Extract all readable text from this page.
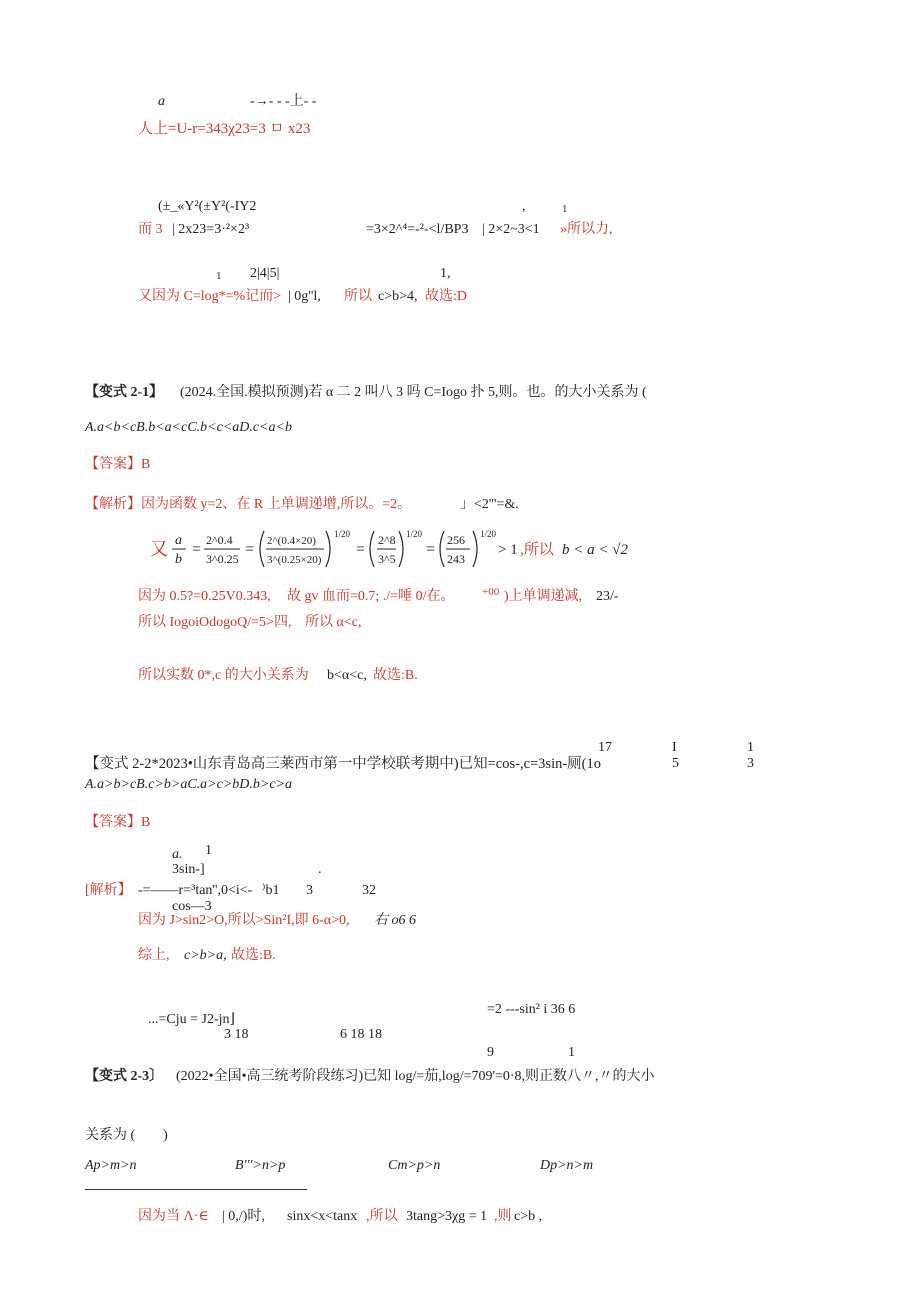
a	-→- - -上- -
人上=U-r=343χ23=3 ㅁ x23
(±_«Y²(±Y²(-IY2	,	1
而 3 | 2x23=3·²×2³	=3×2^⁴=-²-<l/BP3 | 2×2~3<1 »所以力,
1 2|4|5|	1,
又因为 C=log*=%记而> | 0g''l, 所以 c>b>4, 故选:D
【变式 2-1】 (2024.全国.模拟预测)若 α 二 2 叫八 3 吗 C=Iogo 扑 5,则。也。的大小关系为 (
A.a<b<cB.b<a<cC.b<c<aD.c<a<b
【答案】B
【解析】因为函数 y=2、在 R 上单调递增,所以。=2。	」<2'''=&.
又 a
b
=
2^0.4
3^0.25
= 2^(0.4×20)
3^(0.25×20)
1/20
=
2^8
3^5
1/20
=
256
243
1/20
> 1 ,所以 b < a < √2
因为 0.5?=0.25V0.343, 故 gv 血而=0.7; ./=唾 0/在。	+00 )上单调递减, 23/-
所以 IogoiOdogoQ/=5>四, 所以 α<c,
所以实数 0*,c 的大小关系为 b<α<c, 故选:B.
17	I	1
【变式 2-2*2023•山东青岛高三莱西市第一中学校联考期中)已知=cos-,c=3sin-厕(1o	5	3
A.a>b>cB.c>b>aC.a>c>bD.b>c>a
【答案】B
a. 1
3sin-]	.
[解析】 -=——r=³tan'',0<i<- ⁾b1 3	32
cos—3
因为 J>sin2>O,所以>Sin²I,即 6-α>0, 右 o6 6
综上, c>b>a, 故选:B.
...=Cju = J2-jn⌋
=2 ---sin² i 36 6
3 18	6 18 18
9	1
【变式 2-3〕 (2022•全国•高三统考阶段练习)已知 log/=茄,log/=709'=0·8,则正数八〃,〃的大小
关系为 (　　)
Ap>m>n	B'''>n>p	Cm>p>n	Dp>n>m
因为当 Λ·∈ | 0,/)时, sinx<x<tanx ,所以 3tang>3χg = 1 ,则 c>b ,
